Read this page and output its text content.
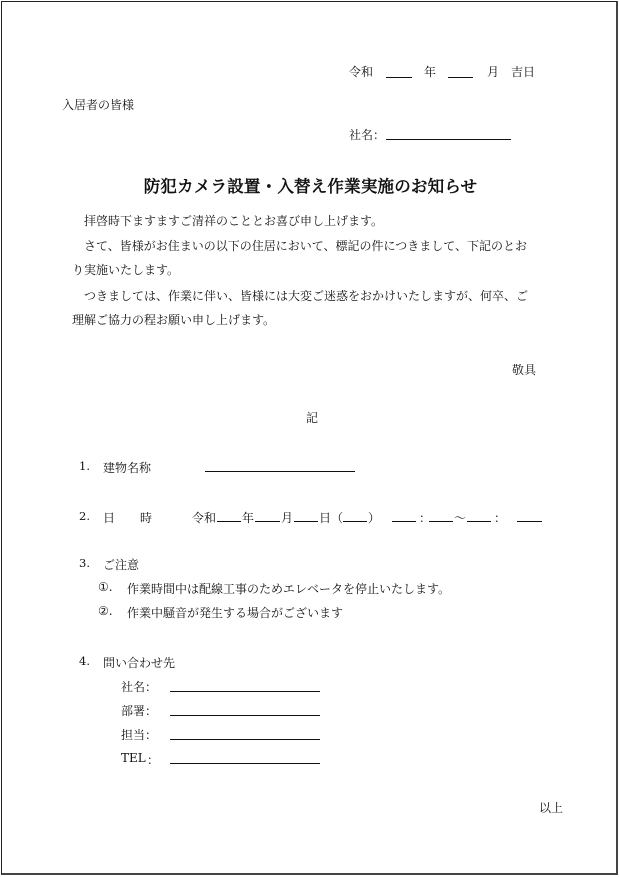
令和	年	月 吉日
入居者の皆様
社名：
防犯カメラ設置・入替え作業実施のお知らせ
拝啓時下ますますご清祥のこととお喜び申し上げます。
さて、皆様がお住まいの以下の住居において、標記の件につきまして、下記のとお
り実施いたします。
つきましては、作業に伴い、皆様には大変ご迷惑をおかけいたしますが、何卒、ご
理解ご協力の程お願い申し上げます。
敬具
記
1. 建物名称
2. 日 時	令和 年 月 日 （ ）	： ～ ：
3. ご注意
①. 作業時間中は配線工事のためエレベータを停止いたします。
②. 作業中騒音が発生する場合がございます
4. 問い合わせ先
社名：
部署：
担当：
TEL ：
以上
